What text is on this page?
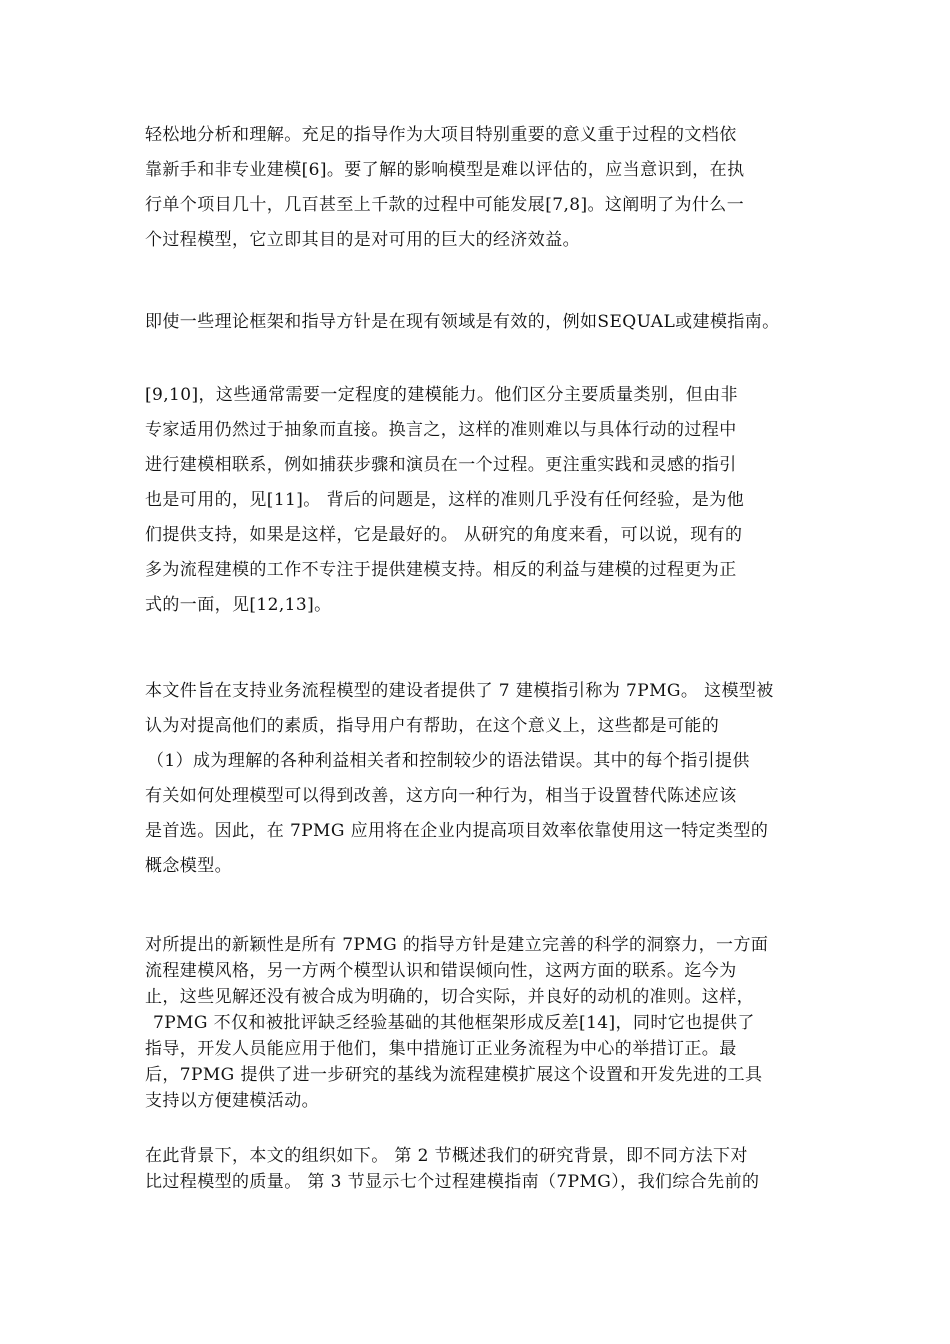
轻松地分析和理解。充足的指导作为大项目特别重要的意义重于过程的文档依
靠新手和非专业建模[6]。要了解的影响模型是难以评估的，应当意识到，在执
行单个项目几十，几百甚至上千款的过程中可能发展[7,8]。这阐明了为什么一
个过程模型，它立即其目的是对可用的巨大的经济效益。
即使一些理论框架和指导方针是在现有领域是有效的，例如SEQUAL或建模指南。
[9,10]，这些通常需要一定程度的建模能力。他们区分主要质量类别，但由非
专家适用仍然过于抽象而直接。换言之，这样的准则难以与具体行动的过程中
进行建模相联系，例如捕获步骤和演员在一个过程。更注重实践和灵感的指引
也是可用的，见[11]。 背后的问题是，这样的准则几乎没有任何经验，是为他
们提供支持，如果是这样，它是最好的。 从研究的角度来看，可以说，现有的
多为流程建模的工作不专注于提供建模支持。相反的利益与建模的过程更为正
式的一面，见[12,13]。
本文件旨在支持业务流程模型的建设者提供了 7 建模指引称为 7PMG。 这模型被
认为对提高他们的素质，指导用户有帮助，在这个意义上，这些都是可能的
（1）成为理解的各种利益相关者和控制较少的语法错误。其中的每个指引提供
有关如何处理模型可以得到改善，这方向一种行为，相当于设置替代陈述应该
是首选。因此，在 7PMG 应用将在企业内提高项目效率依靠使用这一特定类型的
概念模型。
对所提出的新颖性是所有 7PMG 的指导方针是建立完善的科学的洞察力，一方面
流程建模风格，另一方两个模型认识和错误倾向性，这两方面的联系。迄今为
止，这些见解还没有被合成为明确的，切合实际，并良好的动机的准则。这样，
7PMG 不仅和被批评缺乏经验基础的其他框架形成反差[14]，同时它也提供了
指导，开发人员能应用于他们，集中措施订正业务流程为中心的举措订正。最
后，7PMG 提供了进一步研究的基线为流程建模扩展这个设置和开发先进的工具
支持以方便建模活动。
在此背景下，本文的组织如下。 第 2 节概述我们的研究背景，即不同方法下对
比过程模型的质量。 第 3 节显示七个过程建模指南（7PMG），我们综合先前的
